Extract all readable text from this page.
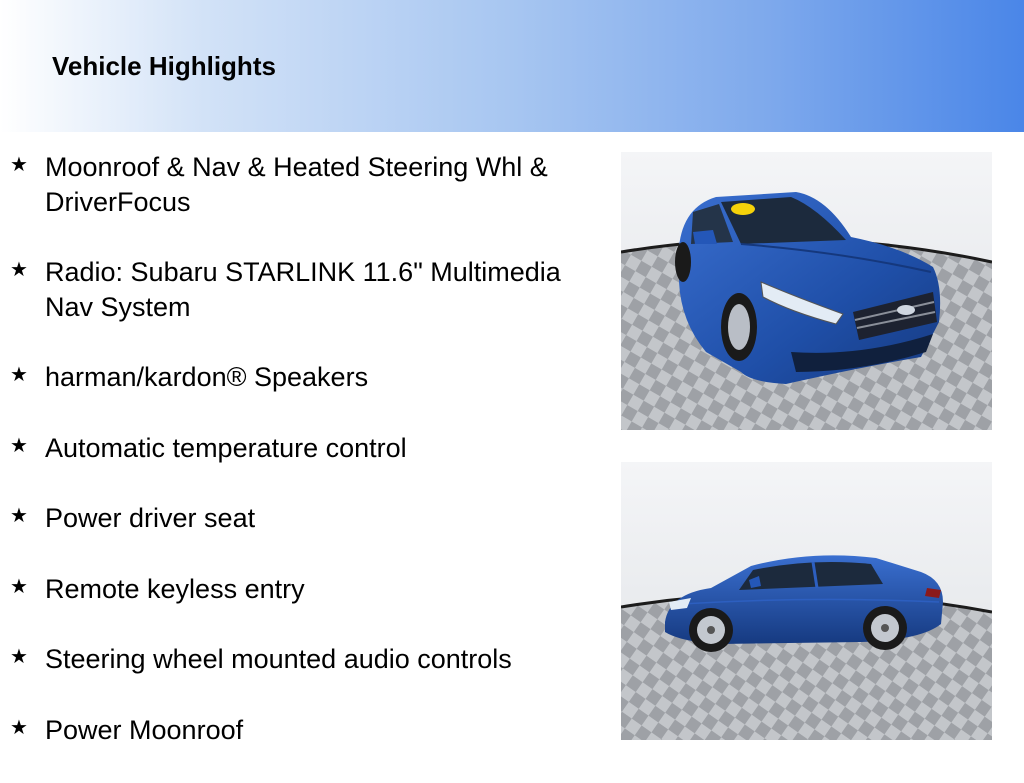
Vehicle Highlights
★ Moonroof & Nav & Heated Steering Whl & DriverFocus
★ Radio: Subaru STARLINK 11.6" Multimedia Nav System
★ harman/kardon® Speakers
★ Automatic temperature control
★ Power driver seat
★ Remote keyless entry
★ Steering wheel mounted audio controls
★ Power Moonroof
